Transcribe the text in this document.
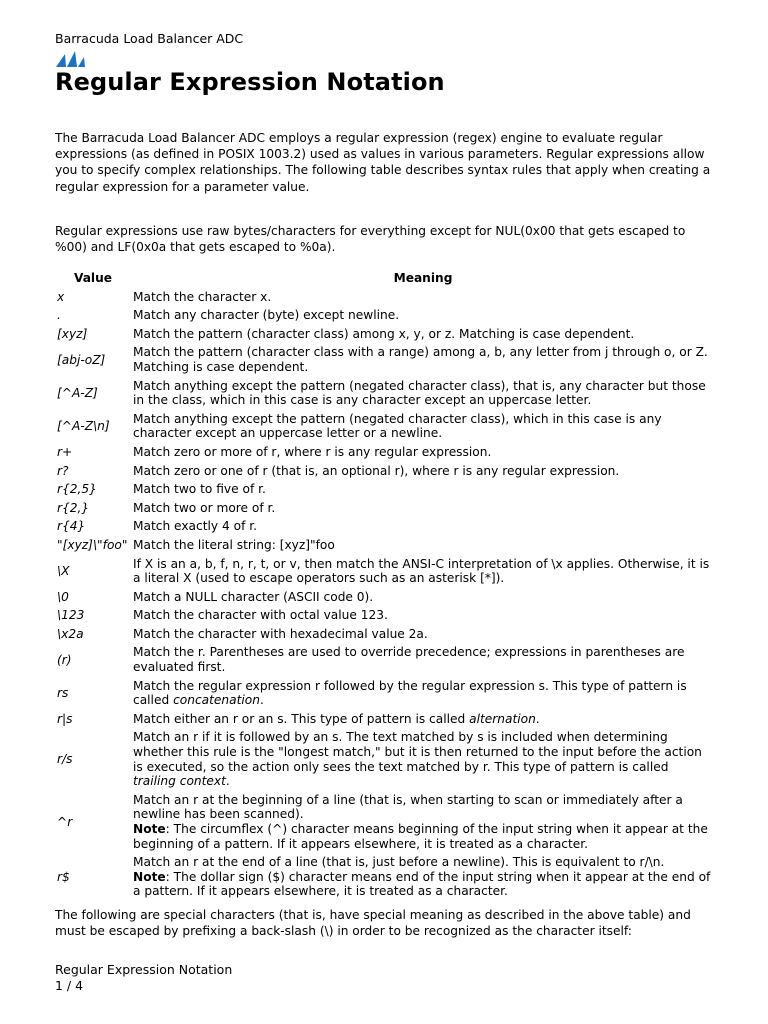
Barracuda Load Balancer ADC
Regular Expression Notation

The Barracuda Load Balancer ADC employs a regular expression (regex) engine to evaluate regular expressions (as defined in POSIX 1003.2) used as values in various parameters. Regular expressions allow you to specify complex relationships. The following table describes syntax rules that apply when creating a regular expression for a parameter value.

Regular expressions use raw bytes/characters for everything except for NUL(0x00 that gets escaped to %00) and LF(0x0a that gets escaped to %0a).

Value	Meaning
x	Match the character x.
.	Match any character (byte) except newline.
[xyz]	Match the pattern (character class) among x, y, or z. Matching is case dependent.
[abj-oZ]	Match the pattern (character class with a range) among a, b, any letter from j through o, or Z. Matching is case dependent.
[^A-Z]	Match anything except the pattern (negated character class), that is, any character but those in the class, which in this case is any character except an uppercase letter.
[^A-Z\n]	Match anything except the pattern (negated character class), which in this case is any character except an uppercase letter or a newline.
r+	Match zero or more of r, where r is any regular expression.
r?	Match zero or one of r (that is, an optional r), where r is any regular expression.
r{2,5}	Match two to five of r.
r{2,}	Match two or more of r.
r{4}	Match exactly 4 of r.
"[xyz]\"foo"	Match the literal string: [xyz]"foo
\X	If X is an a, b, f, n, r, t, or v, then match the ANSI-C interpretation of \x applies. Otherwise, it is a literal X (used to escape operators such as an asterisk [*]).
\0	Match a NULL character (ASCII code 0).
\123	Match the character with octal value 123.
\x2a	Match the character with hexadecimal value 2a.
(r)	Match the r. Parentheses are used to override precedence; expressions in parentheses are evaluated first.
rs	Match the regular expression r followed by the regular expression s. This type of pattern is called concatenation.
r|s	Match either an r or an s. This type of pattern is called alternation.
r/s	Match an r if it is followed by an s. The text matched by s is included when determining whether this rule is the "longest match," but it is then returned to the input before the action is executed, so the action only sees the text matched by r. This type of pattern is called trailing context.
^r	Match an r at the beginning of a line (that is, when starting to scan or immediately after a newline has been scanned).
Note: The circumflex (^) character means beginning of the input string when it appear at the beginning of a pattern. If it appears elsewhere, it is treated as a character.
r$	Match an r at the end of a line (that is, just before a newline). This is equivalent to r/\n.
Note: The dollar sign ($) character means end of the input string when it appear at the end of a pattern. If it appears elsewhere, it is treated as a character.

The following are special characters (that is, have special meaning as described in the above table) and must be escaped by prefixing a back-slash (\) in order to be recognized as the character itself:

Regular Expression Notation
1 / 4
